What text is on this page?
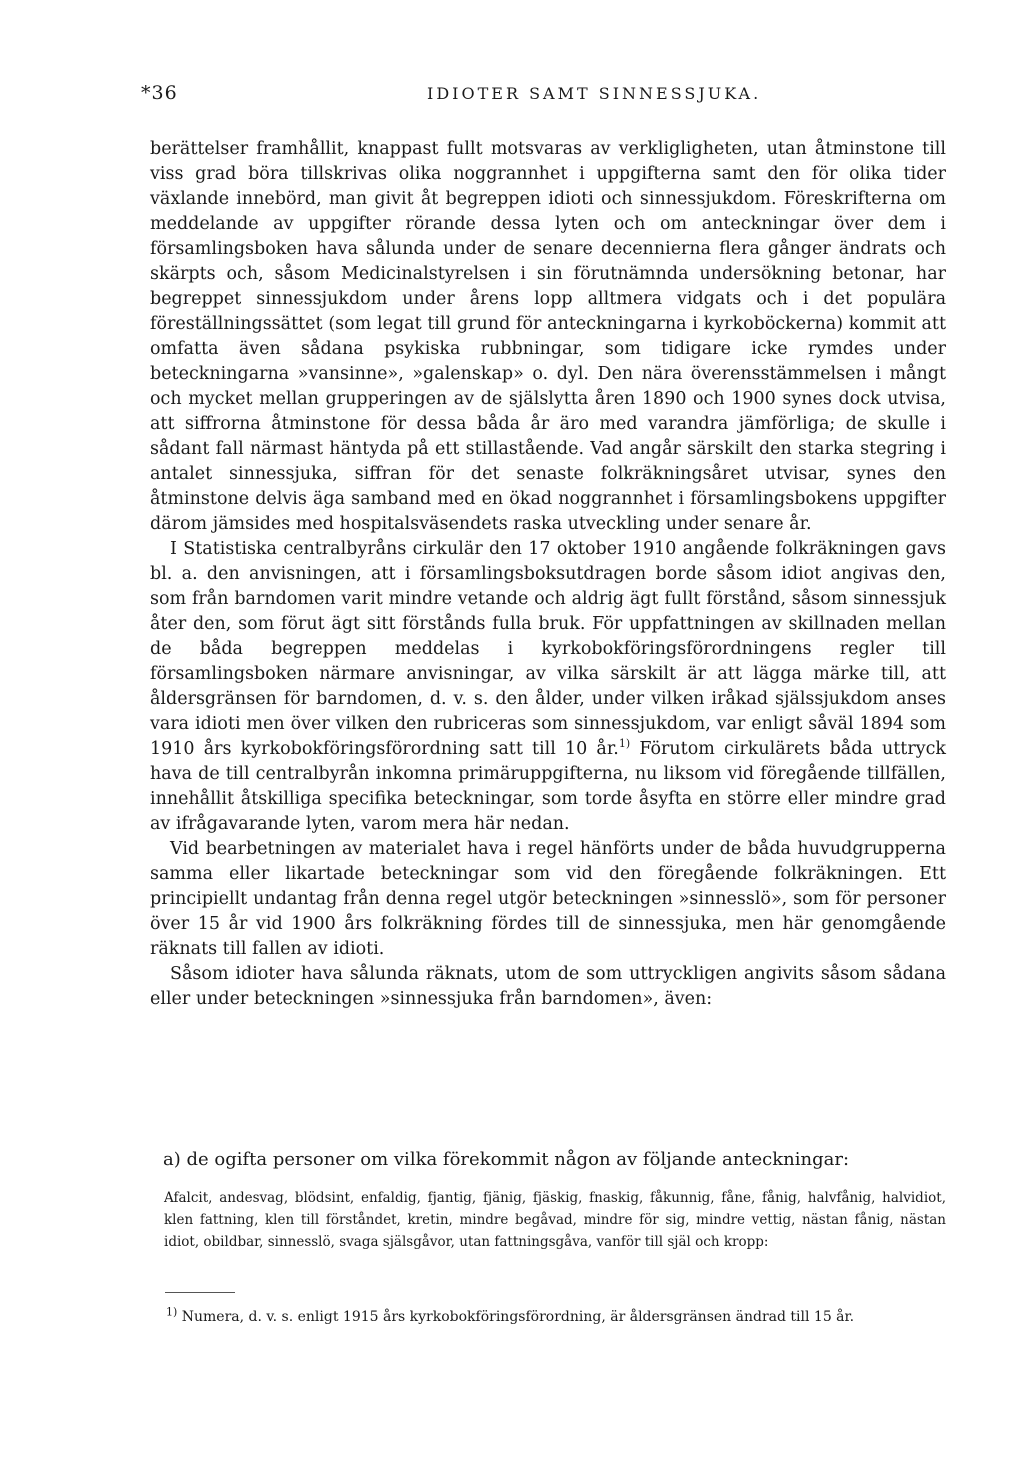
*36	IDIOTER SAMT SINNESSJUKA.

berättelser framhållit, knappast fullt motsvaras av verkligligheten, utan åtminstone till viss grad böra tillskrivas olika noggrannhet i uppgifterna samt den för olika tider växlande innebörd, man givit åt begreppen idioti och sinnessjukdom. Föreskrifterna om meddelande av uppgifter rörande dessa lyten och om anteckningar över dem i församlingsboken hava sålunda under de senare decennierna flera gånger ändrats och skärpts och, såsom Medicinalstyrelsen i sin förutnämnda undersökning betonar, har begreppet sinnessjukdom under årens lopp alltmera vidgats och i det populära föreställningssättet (som legat till grund för anteckningarna i kyrkoböckerna) kommit att omfatta även sådana psykiska rubbningar, som tidigare icke rymdes under beteckningarna »vansinne», »galenskap» o. dyl. Den nära överensstämmelsen i mångt och mycket mellan grupperingen av de själslytta åren 1890 och 1900 synes dock utvisa, att siffrorna åtminstone för dessa båda år äro med varandra jämförliga; de skulle i sådant fall närmast häntyda på ett stillastående. Vad angår särskilt den starka stegring i antalet sinnessjuka, siffran för det senaste folkräkningsåret utvisar, synes den åtminstone delvis äga samband med en ökad noggrannhet i församlingsbokens uppgifter därom jämsides med hospitalsväsendets raska utveckling under senare år.

I Statistiska centralbyråns cirkulär den 17 oktober 1910 angående folkräkningen gavs bl. a. den anvisningen, att i församlingsboksutdragen borde såsom idiot angivas den, som från barndomen varit mindre vetande och aldrig ägt fullt förstånd, såsom sinnessjuk åter den, som förut ägt sitt förstånds fulla bruk. För uppfattningen av skillnaden mellan de båda begreppen meddelas i kyrkobokföringsförordningens regler till församlingsboken närmare anvisningar, av vilka särskilt är att lägga märke till, att åldersgränsen för barndomen, d. v. s. den ålder, under vilken iråkad själssjukdom anses vara idioti men över vilken den rubriceras som sinnessjukdom, var enligt såväl 1894 som 1910 års kyrkobokföringsförordning satt till 10 år.$^{1)}$ Förutom cirkulärets båda uttryck hava de till centralbyrån inkomna primäruppgifterna, nu liksom vid föregående tillfällen, innehållit åtskilliga specifika beteckningar, som torde åsyfta en större eller mindre grad av ifrågavarande lyten, varom mera här nedan.

Vid bearbetningen av materialet hava i regel hänförts under de båda huvudgrupperna samma eller likartade beteckningar som vid den föregående folkräkningen. Ett principiellt undantag från denna regel utgör beteckningen »sinnesslö», som för personer över 15 år vid 1900 års folkräkning fördes till de sinnessjuka, men här genomgående räknats till fallen av idioti.

Såsom idioter hava sålunda räknats, utom de som uttryckligen angivits såsom sådana eller under beteckningen »sinnessjuka från barndomen», även:

a) de ogifta personer om vilka förekommit någon av följande anteckningar:
Afalcit, andesvag, blödsint, enfaldig, fjantig, fjänig, fjäskig, fnaskig, fåkunnig, fåne, fånig, halvfånig, halvidiot, klen fattning, klen till förståndet, kretin, mindre begåvad, mindre för sig, mindre vettig, nästan fånig, nästan idiot, obildbar, sinnesslö, svaga själsgåvor, utan fattningsgåva, vanför till själ och kropp:
$^{1)}$ Numera, d. v. s. enligt 1915 års kyrkobokföringsförordning, är åldersgränsen ändrad till 15 år.
